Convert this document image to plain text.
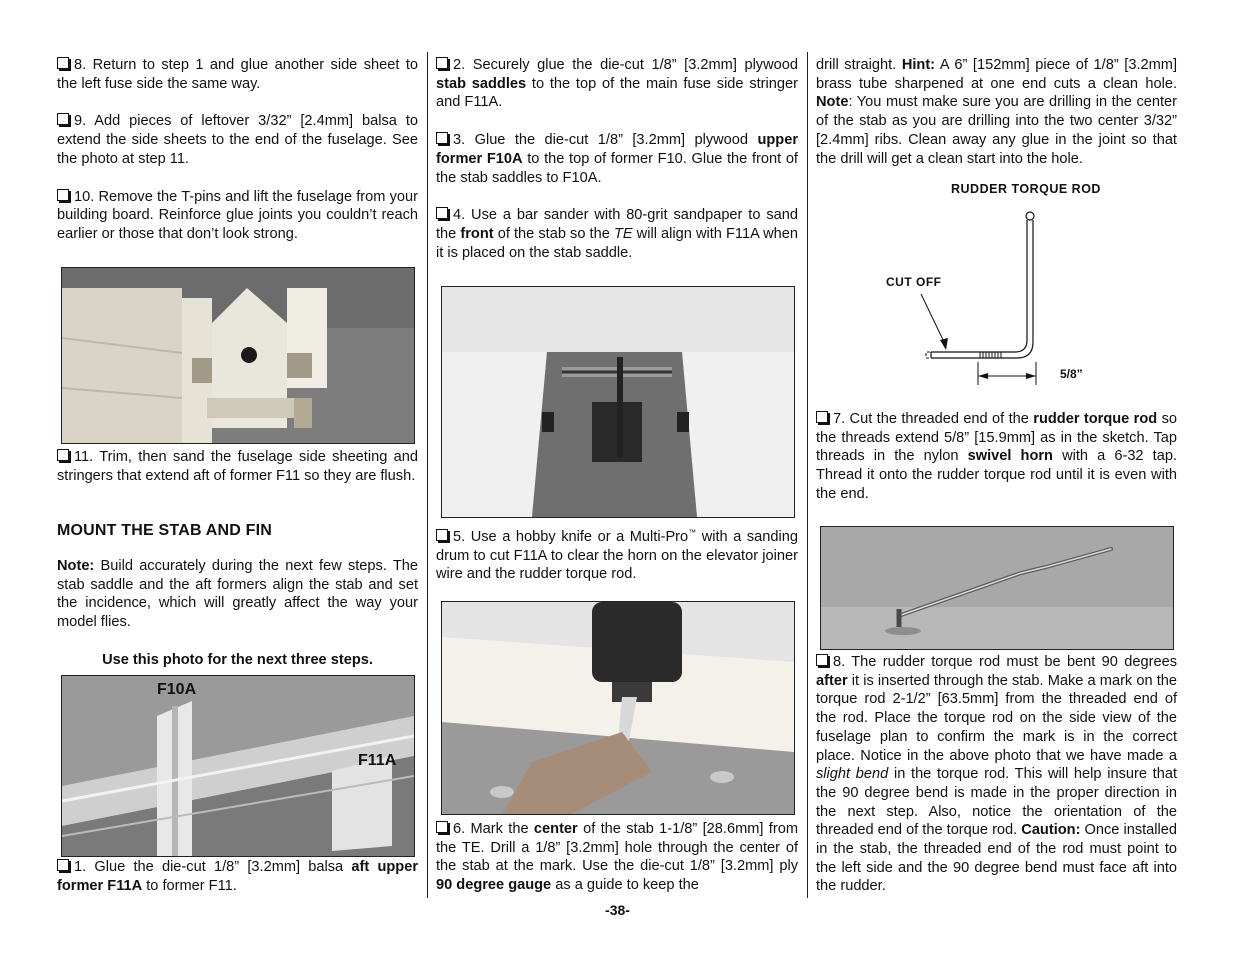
8. Return to step 1 and glue another side sheet to the left fuse side the same way.

9. Add pieces of leftover 3/32” [2.4mm] balsa to extend the side sheets to the end of the fuselage. See the photo at step 11.

10. Remove the T-pins and lift the fuselage from your building board. Reinforce glue joints you couldn’t reach earlier or those that don’t look strong.

11. Trim, then sand the fuselage side sheeting and stringers that extend aft of former F11 so they are flush.

MOUNT THE STAB AND FIN

Note: Build accurately during the next few steps. The stab saddle and the aft formers align the stab and set the incidence, which will greatly affect the way your model flies.

Use this photo for the next three steps.
F10A
F11A

1. Glue the die-cut 1/8” [3.2mm] balsa aft upper former F11A to former F11.

2. Securely glue the die-cut 1/8” [3.2mm] plywood stab saddles to the top of the main fuse side stringer and F11A.

3. Glue the die-cut 1/8” [3.2mm] plywood upper former F10A to the top of former F10. Glue the front of the stab saddles to F10A.

4. Use a bar sander with 80-grit sandpaper to sand the front of the stab so the TE will align with F11A when it is placed on the stab saddle.

5. Use a hobby knife or a Multi-Pro™ with a sanding drum to cut F11A to clear the horn on the elevator joiner wire and the rudder torque rod.

6. Mark the center of the stab 1-1/8” [28.6mm] from the TE. Drill a 1/8” [3.2mm] hole through the center of the stab at the mark. Use the die-cut 1/8” [3.2mm] ply 90 degree gauge as a guide to keep the

drill straight. Hint: A 6” [152mm] piece of 1/8” [3.2mm] brass tube sharpened at one end cuts a clean hole. Note: You must make sure you are drilling in the center of the stab as you are drilling into the two center 3/32” [2.4mm] ribs. Clean away any glue in the joint so that the drill will get a clean start into the hole.

RUDDER TORQUE ROD
CUT OFF
5/8”

7. Cut the threaded end of the rudder torque rod so the threads extend 5/8” [15.9mm] as in the sketch. Tap threads in the nylon swivel horn with a 6-32 tap. Thread it onto the rudder torque rod until it is even with the end.

8. The rudder torque rod must be bent 90 degrees after it is inserted through the stab. Make a mark on the torque rod 2-1/2” [63.5mm] from the threaded end of the rod. Place the torque rod on the side view of the fuselage plan to confirm the mark is in the correct place. Notice in the above photo that we have made a slight bend in the torque rod. This will help insure that the 90 degree bend is made in the proper direction in the next step. Also, notice the orientation of the threaded end of the torque rod. Caution: Once installed in the stab, the threaded end of the rod must point to the left side and the 90 degree bend must face aft into the rudder.

-38-
